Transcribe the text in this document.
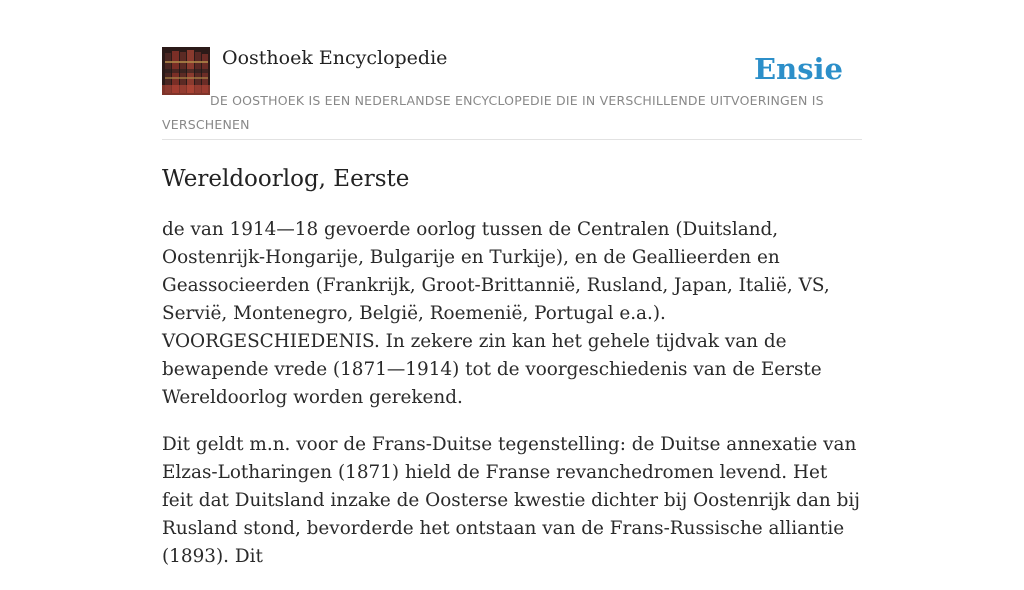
Oosthoek Encyclopedie	Ensie
DE OOSTHOEK IS EEN NEDERLANDSE ENCYCLOPEDIE DIE IN VERSCHILLENDE UITVOERINGEN IS VERSCHENEN
Wereldoorlog, Eerste

de van 1914—18 gevoerde oorlog tussen de Centralen (Duitsland, Oostenrijk-Hongarije, Bulgarije en Turkije), en de Geallieerden en Geassocieerden (Frankrijk, Groot-Brittannië, Rusland, Japan, Italië, VS, Servië, Montenegro, België, Roemenië, Portugal e.a.). VOORGESCHIEDENIS. In zekere zin kan het gehele tijdvak van de bewapende vrede (1871—1914) tot de voorgeschiedenis van de Eerste Wereldoorlog worden gerekend.

Dit geldt m.n. voor de Frans-Duitse tegenstelling: de Duitse annexatie van Elzas-Lotharingen (1871) hield de Franse revanchedromen levend. Het feit dat Duitsland inzake de Oosterse kwestie dichter bij Oostenrijk dan bij Rusland stond, bevorderde het ontstaan van de Frans-Russische alliantie (1893). Dit
